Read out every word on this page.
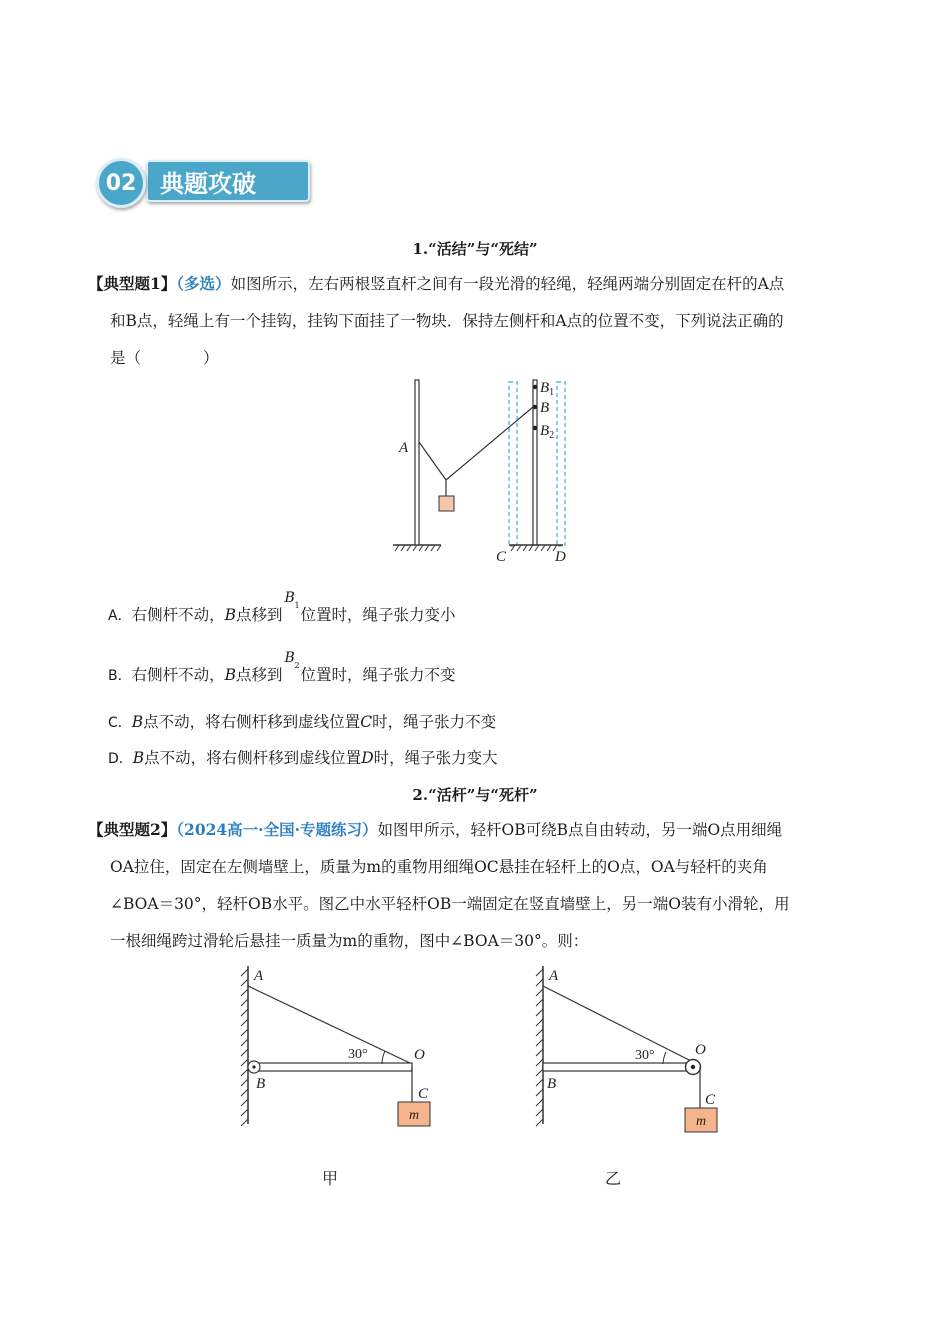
典题攻破
02
1.“活结”与“死结”
【典型题1】（多选）如图所示，左右两根竖直杆之间有一段光滑的轻绳，轻绳两端分别固定在杆的A点
和B点，轻绳上有一个挂钩，挂钩下面挂了一物块．保持左侧杆和A点的位置不变，下列说法正确的
是（　　　　）
A
$B_1$
B
$B_2$
C	D
A．右侧杆不动，B点移到
B 1
位置时，绳子张力变小
B．右侧杆不动，B点移到
B 2
位置时，绳子张力不变
C．B点不动，将右侧杆移到虚线位置C时，绳子张力不变
D．B点不动，将右侧杆移到虚线位置D时，绳子张力变大
2.“活杆”与“死杆”
【典型题2】（2024高一·全国·专题练习）如图甲所示，轻杆OB可绕B点自由转动，另一端O点用细绳
OA拉住，固定在左侧墙壁上，质量为m的重物用细绳OC悬挂在轻杆上的O点，OA与轻杆的夹角
∠BOA＝30°，轻杆OB水平。图乙中水平轻杆OB一端固定在竖直墙壁上，另一端O装有小滑轮，用
一根细绳跨过滑轮后悬挂一质量为m的重物，图中∠BOA＝30°。则：
A
B
O
C
m
30°
甲
A
B
O
C
m
30°
乙
